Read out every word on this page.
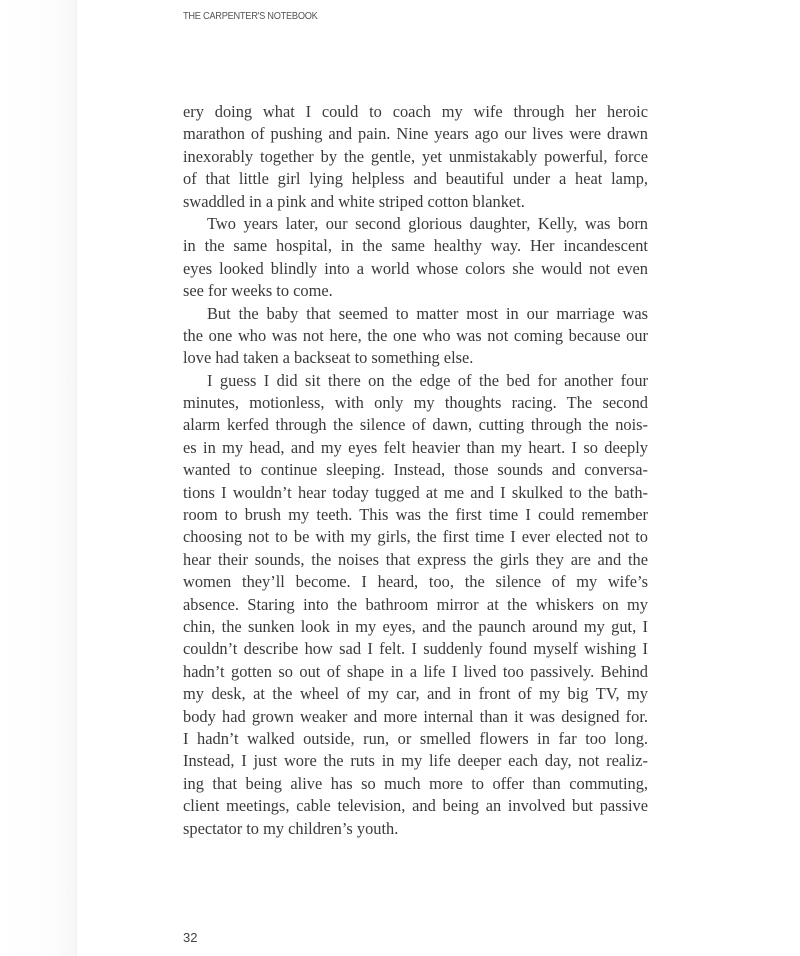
THE CARPENTER'S NOTEBOOK
ery doing what I could to coach my wife through her heroic
marathon of pushing and pain. Nine years ago our lives were drawn
inexorably together by the gentle, yet unmistakably powerful, force
of that little girl lying helpless and beautiful under a heat lamp,
swaddled in a pink and white striped cotton blanket.
Two years later, our second glorious daughter, Kelly, was born
in the same hospital, in the same healthy way. Her incandescent
eyes looked blindly into a world whose colors she would not even
see for weeks to come.
But the baby that seemed to matter most in our marriage was
the one who was not here, the one who was not coming because our
love had taken a backseat to something else.
I guess I did sit there on the edge of the bed for another four
minutes, motionless, with only my thoughts racing. The second
alarm kerfed through the silence of dawn, cutting through the nois-
es in my head, and my eyes felt heavier than my heart. I so deeply
wanted to continue sleeping. Instead, those sounds and conversa-
tions I wouldn’t hear today tugged at me and I skulked to the bath-
room to brush my teeth. This was the first time I could remember
choosing not to be with my girls, the first time I ever elected not to
hear their sounds, the noises that express the girls they are and the
women they’ll become. I heard, too, the silence of my wife’s
absence. Staring into the bathroom mirror at the whiskers on my
chin, the sunken look in my eyes, and the paunch around my gut, I
couldn’t describe how sad I felt. I suddenly found myself wishing I
hadn’t gotten so out of shape in a life I lived too passively. Behind
my desk, at the wheel of my car, and in front of my big TV, my
body had grown weaker and more internal than it was designed for.
I hadn’t walked outside, run, or smelled flowers in far too long.
Instead, I just wore the ruts in my life deeper each day, not realiz-
ing that being alive has so much more to offer than commuting,
client meetings, cable television, and being an involved but passive
spectator to my children’s youth.
32
